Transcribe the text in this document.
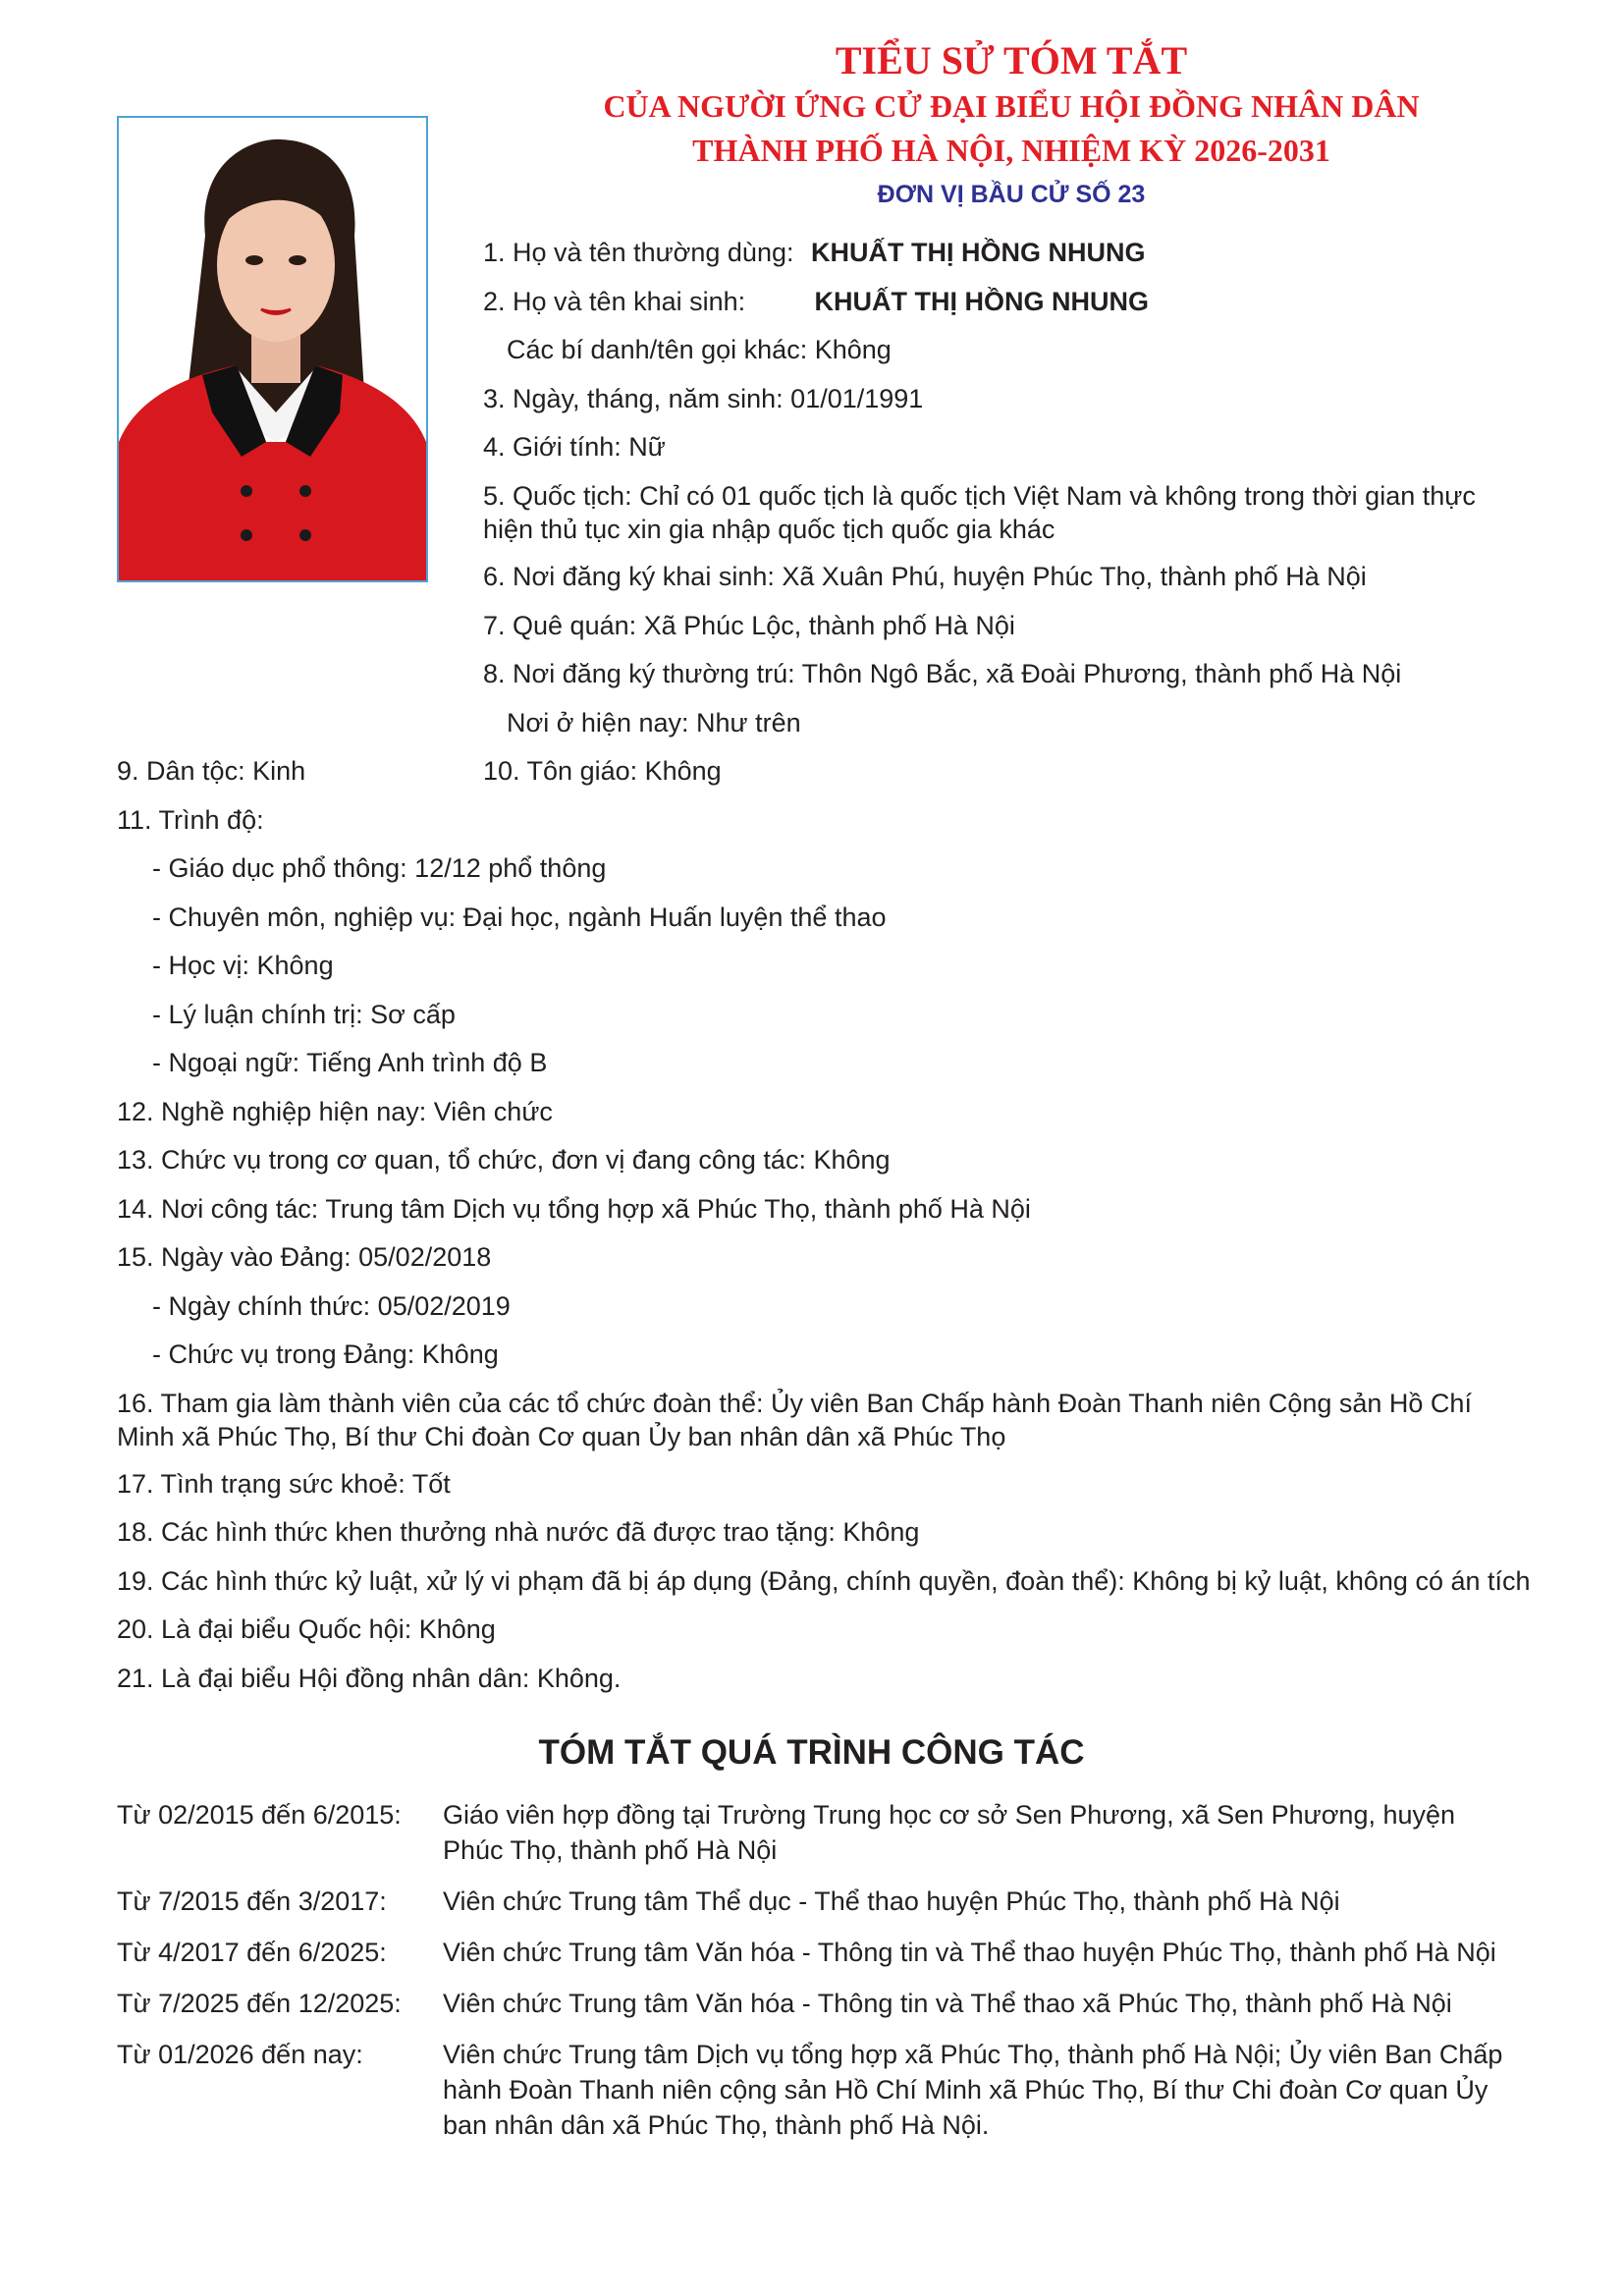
TIỂU SỬ TÓM TẮT
CỦA NGƯỜI ỨNG CỬ ĐẠI BIỂU HỘI ĐỒNG NHÂN DÂN
THÀNH PHỐ HÀ NỘI, NHIỆM KỲ 2026-2031
ĐƠN VỊ BẦU CỬ SỐ 23
1. Họ và tên thường dùng: KHUẤT THỊ HỒNG NHUNG
2. Họ và tên khai sinh:	KHUẤT THỊ HỒNG NHUNG
Các bí danh/tên gọi khác: Không
3. Ngày, tháng, năm sinh: 01/01/1991
4. Giới tính: Nữ
5. Quốc tịch: Chỉ có 01 quốc tịch là quốc tịch Việt Nam và không trong thời gian thực hiện thủ tục xin gia nhập quốc tịch quốc gia khác
6. Nơi đăng ký khai sinh: Xã Xuân Phú, huyện Phúc Thọ, thành phố Hà Nội
7. Quê quán: Xã Phúc Lộc, thành phố Hà Nội
8. Nơi đăng ký thường trú: Thôn Ngô Bắc, xã Đoài Phương, thành phố Hà Nội
Nơi ở hiện nay: Như trên
9. Dân tộc: Kinh	10. Tôn giáo: Không
11. Trình độ:
- Giáo dục phổ thông: 12/12 phổ thông
- Chuyên môn, nghiệp vụ: Đại học, ngành Huấn luyện thể thao
- Học vị: Không
- Lý luận chính trị: Sơ cấp
- Ngoại ngữ: Tiếng Anh trình độ B
12. Nghề nghiệp hiện nay: Viên chức
13. Chức vụ trong cơ quan, tổ chức, đơn vị đang công tác: Không
14. Nơi công tác: Trung tâm Dịch vụ tổng hợp xã Phúc Thọ, thành phố Hà Nội
15. Ngày vào Đảng: 05/02/2018
- Ngày chính thức: 05/02/2019
- Chức vụ trong Đảng: Không
16. Tham gia làm thành viên của các tổ chức đoàn thể: Ủy viên Ban Chấp hành Đoàn Thanh niên Cộng sản Hồ Chí Minh xã Phúc Thọ, Bí thư Chi đoàn Cơ quan Ủy ban nhân dân xã Phúc Thọ
17. Tình trạng sức khoẻ: Tốt
18. Các hình thức khen thưởng nhà nước đã được trao tặng: Không
19. Các hình thức kỷ luật, xử lý vi phạm đã bị áp dụng (Đảng, chính quyền, đoàn thể): Không bị kỷ luật, không có án tích
20. Là đại biểu Quốc hội: Không
21. Là đại biểu Hội đồng nhân dân: Không.
TÓM TẮT QUÁ TRÌNH CÔNG TÁC
Từ 02/2015 đến 6/2015: Giáo viên hợp đồng tại Trường Trung học cơ sở Sen Phương, xã Sen Phương, huyện Phúc Thọ, thành phố Hà Nội
Từ 7/2015 đến 3/2017: Viên chức Trung tâm Thể dục - Thể thao huyện Phúc Thọ, thành phố Hà Nội
Từ 4/2017 đến 6/2025: Viên chức Trung tâm Văn hóa - Thông tin và Thể thao huyện Phúc Thọ, thành phố Hà Nội
Từ 7/2025 đến 12/2025: Viên chức Trung tâm Văn hóa - Thông tin và Thể thao xã Phúc Thọ, thành phố Hà Nội
Từ 01/2026 đến nay:	Viên chức Trung tâm Dịch vụ tổng hợp xã Phúc Thọ, thành phố Hà Nội; Ủy viên Ban Chấp hành Đoàn Thanh niên cộng sản Hồ Chí Minh xã Phúc Thọ, Bí thư Chi đoàn Cơ quan Ủy ban nhân dân xã Phúc Thọ, thành phố Hà Nội.
